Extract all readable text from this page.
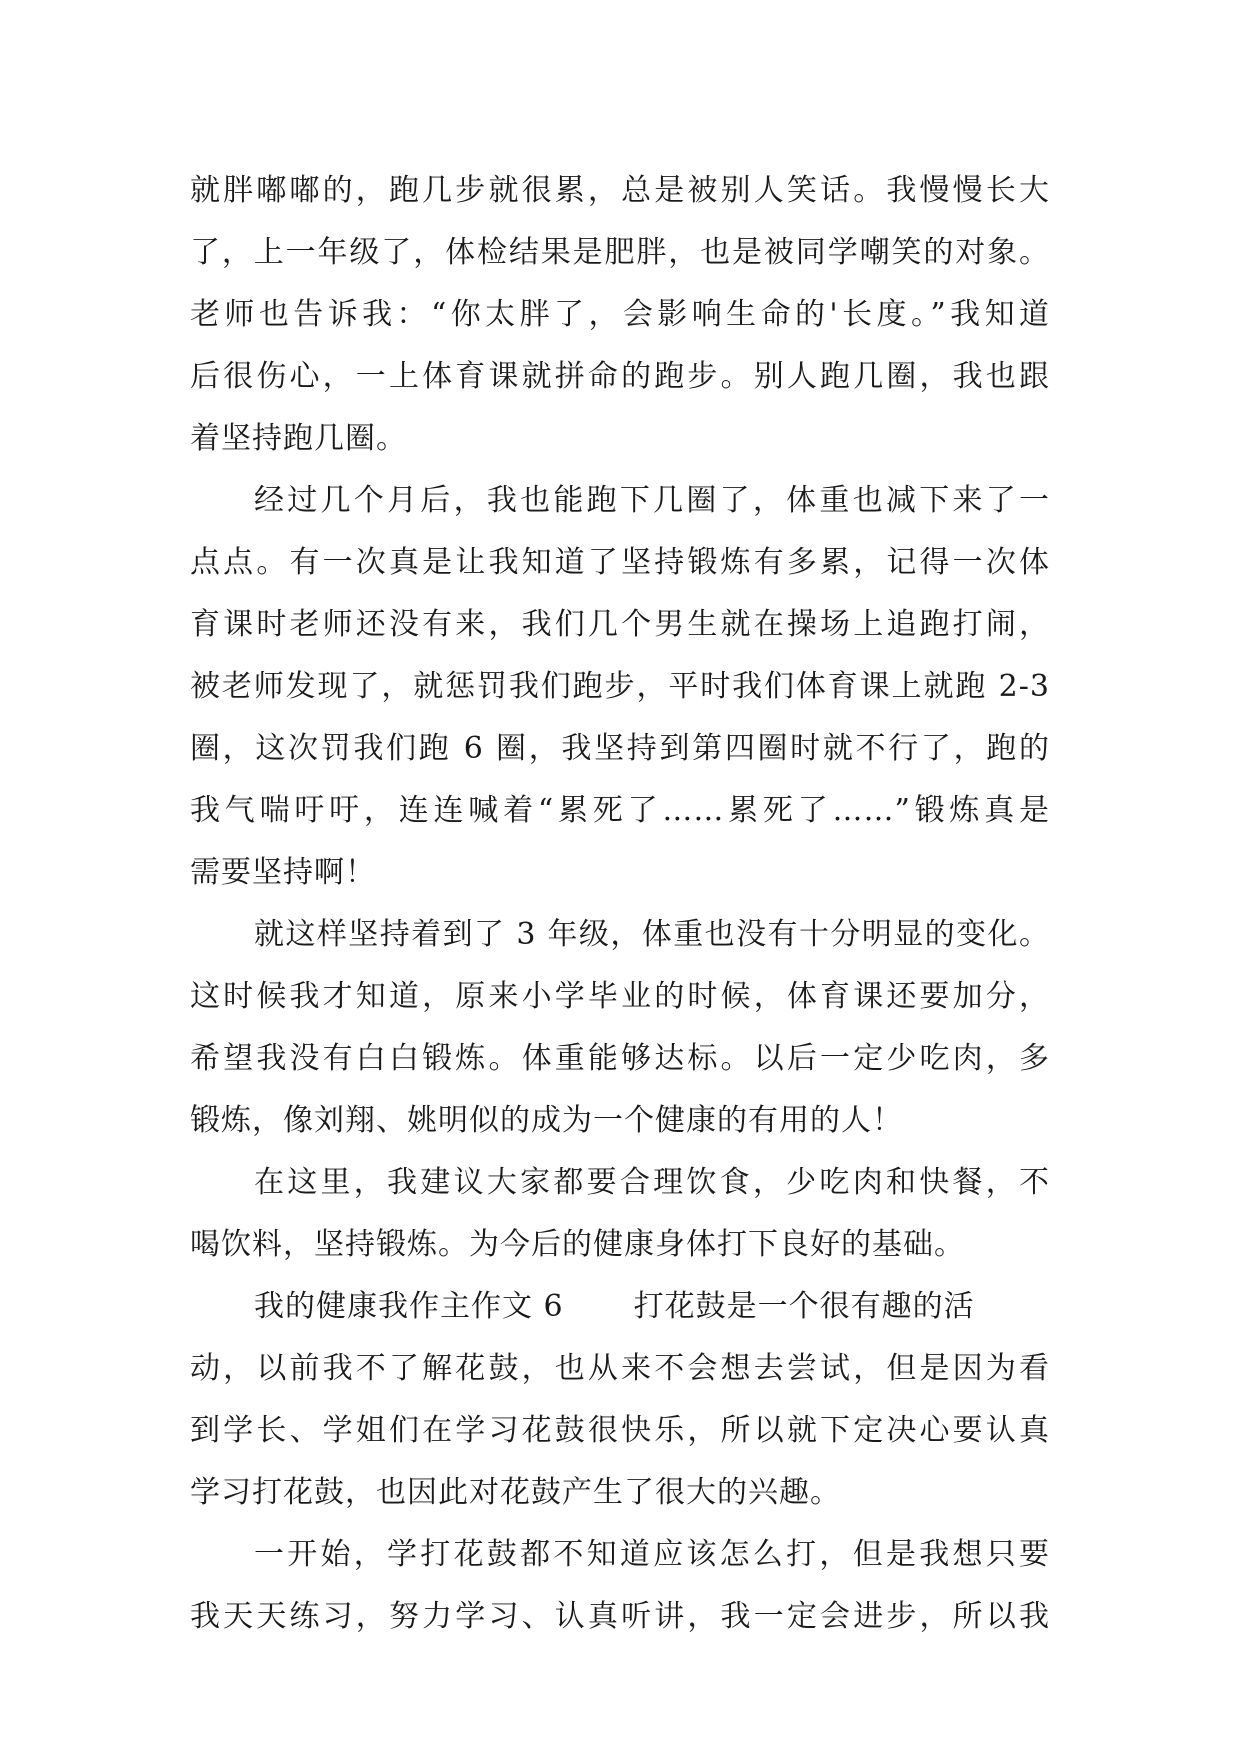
就胖嘟嘟的，跑几步就很累，总是被别人笑话。我慢慢长大
了，上一年级了，体检结果是肥胖，也是被同学嘲笑的对象。
老师也告诉我：“你太胖了，会影响生命的'长度。”我知道
后很伤心，一上体育课就拼命的跑步。别人跑几圈，我也跟
着坚持跑几圈。
经过几个月后，我也能跑下几圈了，体重也减下来了一
点点。有一次真是让我知道了坚持锻炼有多累，记得一次体
育课时老师还没有来，我们几个男生就在操场上追跑打闹，
被老师发现了，就惩罚我们跑步，平时我们体育课上就跑 2-3
圈，这次罚我们跑 6 圈，我坚持到第四圈时就不行了，跑的
我气喘吁吁，连连喊着“累死了……累死了……”锻炼真是
需要坚持啊！
就这样坚持着到了 3 年级，体重也没有十分明显的变化。
这时候我才知道，原来小学毕业的时候，体育课还要加分，
希望我没有白白锻炼。体重能够达标。以后一定少吃肉，多
锻炼，像刘翔、姚明似的成为一个健康的有用的人！
在这里，我建议大家都要合理饮食，少吃肉和快餐，不
喝饮料，坚持锻炼。为今后的健康身体打下良好的基础。
我的健康我作主作文 6 打花鼓是一个很有趣的活
动，以前我不了解花鼓，也从来不会想去尝试，但是因为看
到学长、学姐们在学习花鼓很快乐，所以就下定决心要认真
学习打花鼓，也因此对花鼓产生了很大的兴趣。
一开始，学打花鼓都不知道应该怎么打，但是我想只要
我天天练习，努力学习、认真听讲，我一定会进步，所以我
